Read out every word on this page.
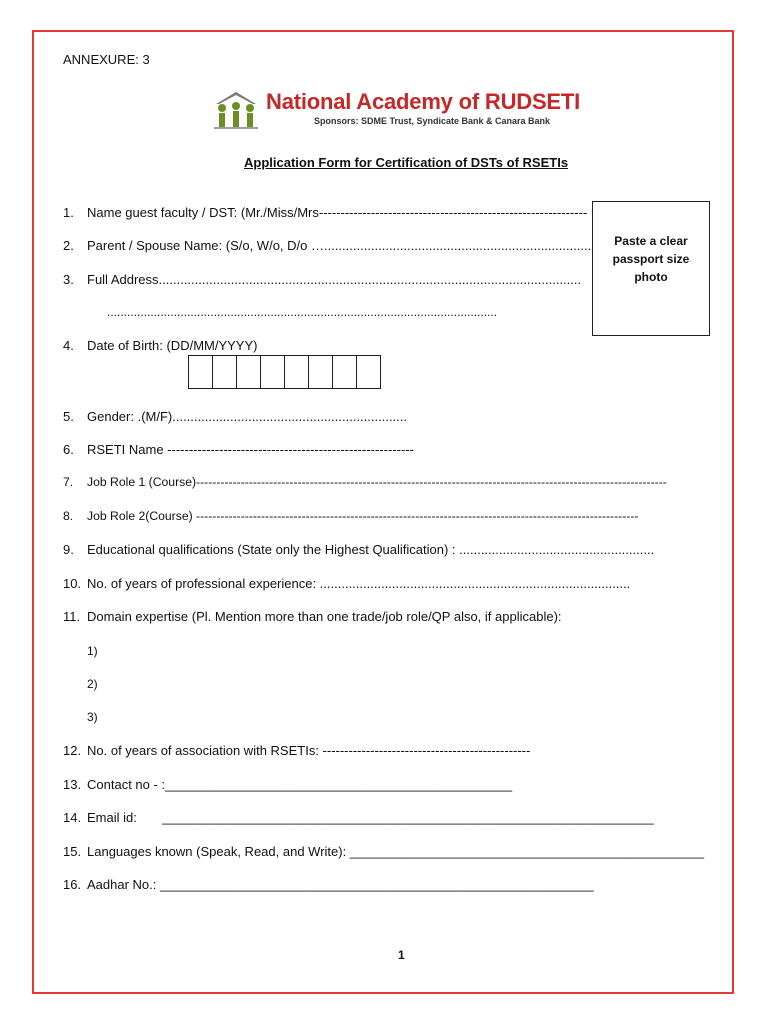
ANNEXURE: 3
National Academy of RUDSETI
Sponsors: SDME Trust, Syndicate Bank & Canara Bank
Application Form for Certification of DSTs of RSETIs
Paste a clear
passport size
photo
1. Name guest faculty / DST: (Mr./Miss/Mrs--------------------------------------------------------------
2. Parent / Spouse Name: (S/o, W/o, D/o …..........................................................................
3. Full Address.....................................................................................................................
.....................................................................................................................
4. Date of Birth: (DD/MM/YYYY)
5. Gender: .(M/F).................................................................
6. RSETI Name ---------------------------------------------------------
7. Job Role 1 (Course)--------------------------------------------------------------------------------------------------------------------
8. Job Role 2(Course) -------------------------------------------------------------------------------------------------------------
9. Educational qualifications (State only the Highest Qualification) : ......................................................
10. No. of years of professional experience: ......................................................................................
11. Domain expertise (Pl. Mention more than one trade/job role/QP also, if applicable):
1)
2)
3)
12. No. of years of association with RSETIs: ------------------------------------------------
13. Contact no - :________________________________________________
14. Email id:       ____________________________________________________________________
15. Languages known (Speak, Read, and Write): _________________________________________________
16. Aadhar No.: ____________________________________________________________
1
